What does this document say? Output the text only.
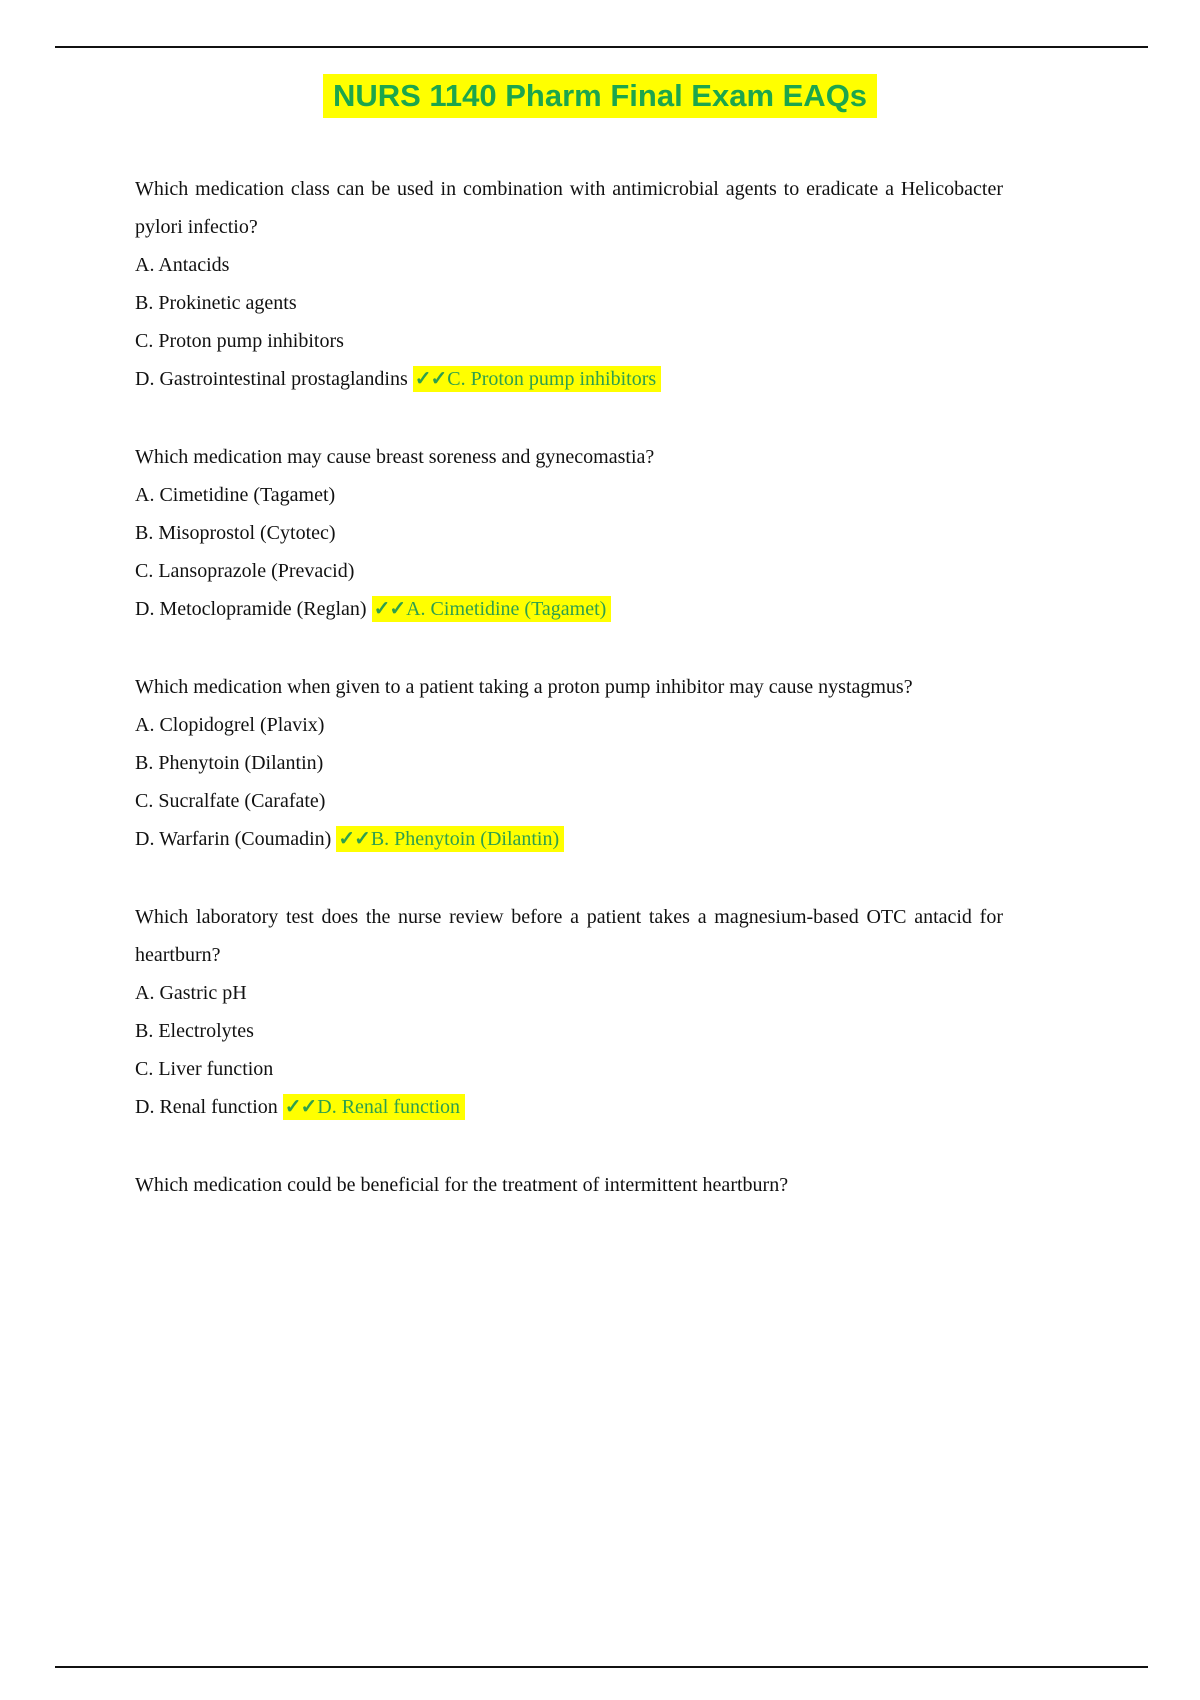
NURS 1140 Pharm Final Exam EAQs

Which medication class can be used in combination with antimicrobial agents to eradicate a Helicobacter pylori infectio?

A. Antacids
B. Prokinetic agents
C. Proton pump inhibitors
D. Gastrointestinal prostaglandins ✓✓C. Proton pump inhibitors

Which medication may cause breast soreness and gynecomastia?

A. Cimetidine (Tagamet)
B. Misoprostol (Cytotec)
C. Lansoprazole (Prevacid)
D. Metoclopramide (Reglan) ✓✓A. Cimetidine (Tagamet)

Which medication when given to a patient taking a proton pump inhibitor may cause nystagmus?

A. Clopidogrel (Plavix)
B. Phenytoin (Dilantin)
C. Sucralfate (Carafate)
D. Warfarin (Coumadin) ✓✓B. Phenytoin (Dilantin)

Which laboratory test does the nurse review before a patient takes a magnesium-based OTC antacid for heartburn?

A. Gastric pH
B. Electrolytes
C. Liver function
D. Renal function ✓✓D. Renal function

Which medication could be beneficial for the treatment of intermittent heartburn?
